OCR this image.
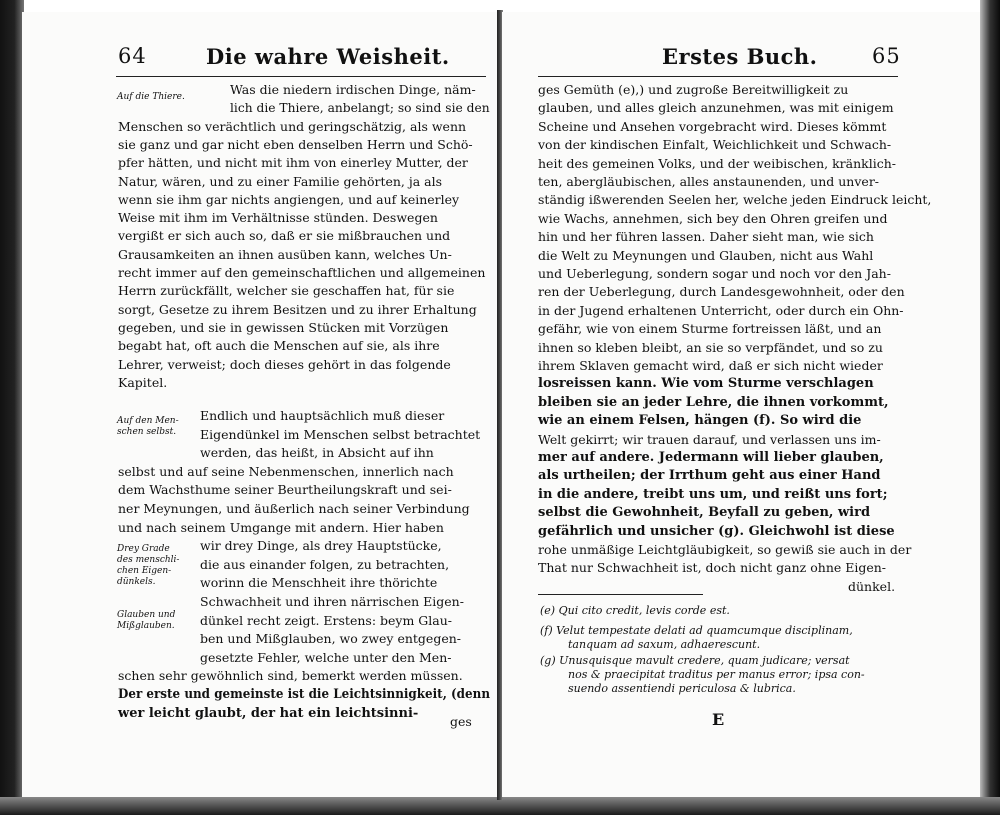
64	Die wahre Weisheit.
Auf die Thiere.
Auf den Men-
schen selbst.
Drey Grade
des menschli-
chen Eigen-
dünkels.
Glauben und
Mißglauben.
Was die niedern irdischen Dinge, näm-
lich die Thiere, anbelangt; so sind sie den
Menschen so verächtlich und geringschätzig, als wenn
sie ganz und gar nicht eben denselben Herrn und Schö-
pfer hätten, und nicht mit ihm von einerley Mutter, der
Natur, wären, und zu einer Familie gehörten, ja als
wenn sie ihm gar nichts angiengen, und auf keinerley
Weise mit ihm im Verhältnisse stünden. Deswegen
vergißt er sich auch so, daß er sie mißbrauchen und
Grausamkeiten an ihnen ausüben kann, welches Un-
recht immer auf den gemeinschaftlichen und allgemeinen
Herrn zurückfällt, welcher sie geschaffen hat, für sie
sorgt, Gesetze zu ihrem Besitzen und zu ihrer Erhaltung
gegeben, und sie in gewissen Stücken mit Vorzügen
begabt hat, oft auch die Menschen auf sie, als ihre
Lehrer, verweist; doch dieses gehört in das folgende
Kapitel.
Endlich und hauptsächlich muß dieser
Eigendünkel im Menschen selbst betrachtet
werden, das heißt, in Absicht auf ihn
selbst und auf seine Nebenmenschen, innerlich nach
dem Wachsthume seiner Beurtheilungskraft und sei-
ner Meynungen, und äußerlich nach seiner Verbindung
und nach seinem Umgange mit andern. Hier haben
wir drey Dinge, als drey Hauptstücke,
die aus einander folgen, zu betrachten,
worinn die Menschheit ihre thörichte
Schwachheit und ihren närrischen Eigen-
dünkel recht zeigt. Erstens: beym Glau-
ben und Mißglauben, wo zwey entgegen-
gesetzte Fehler, welche unter den Men-
schen sehr gewöhnlich sind, bemerkt werden müssen.
Der erste und gemeinste ist die Leichtsinnigkeit, (denn
wer leicht glaubt, der hat ein leichtsinni-
ges
Erstes Buch.	65
ges Gemüth (e),) und zugroße Bereitwilligkeit zu
glauben, und alles gleich anzunehmen, was mit einigem
Scheine und Ansehen vorgebracht wird. Dieses kömmt
von der kindischen Einfalt, Weichlichkeit und Schwach-
heit des gemeinen Volks, und der weibischen, kränklich-
ten, abergläubischen, alles anstaunenden, und unver-
ständig ißwerenden Seelen her, welche jeden Eindruck leicht,
wie Wachs, annehmen, sich bey den Ohren greifen und
hin und her führen lassen. Daher sieht man, wie sich
die Welt zu Meynungen und Glauben, nicht aus Wahl
und Ueberlegung, sondern sogar und noch vor den Jah-
ren der Ueberlegung, durch Landesgewohnheit, oder den
in der Jugend erhaltenen Unterricht, oder durch ein Ohn-
gefähr, wie von einem Sturme fortreissen läßt, und an
ihnen so kleben bleibt, an sie so verpfändet, und so zu
ihrem Sklaven gemacht wird, daß er sich nicht wieder
losreissen kann. Wie vom Sturme verschlagen
bleiben sie an jeder Lehre, die ihnen vorkommt,
wie an einem Felsen, hängen (f). So wird die
Welt gekirrt; wir trauen darauf, und verlassen uns im-
mer auf andere. Jedermann will lieber glauben,
als urtheilen; der Irrthum geht aus einer Hand
in die andere, treibt uns um, und reißt uns fort;
selbst die Gewohnheit, Beyfall zu geben, wird
gefährlich und unsicher (g). Gleichwohl ist diese
rohe unmäßige Leichtgläubigkeit, so gewiß sie auch in der
That nur Schwachheit ist, doch nicht ganz ohne Eigen-
dünkel.
(e) Qui cito credit, levis corde est.
(f) Velut tempestate delati ad quamcumque disciplinam,
tanquam ad saxum, adhaerescunt.
(g) Unusquisque mavult credere, quam judicare; versat
nos & praecipitat traditus per manus error; ipsa con-
suendo assentiendi periculosa & lubrica.
E
